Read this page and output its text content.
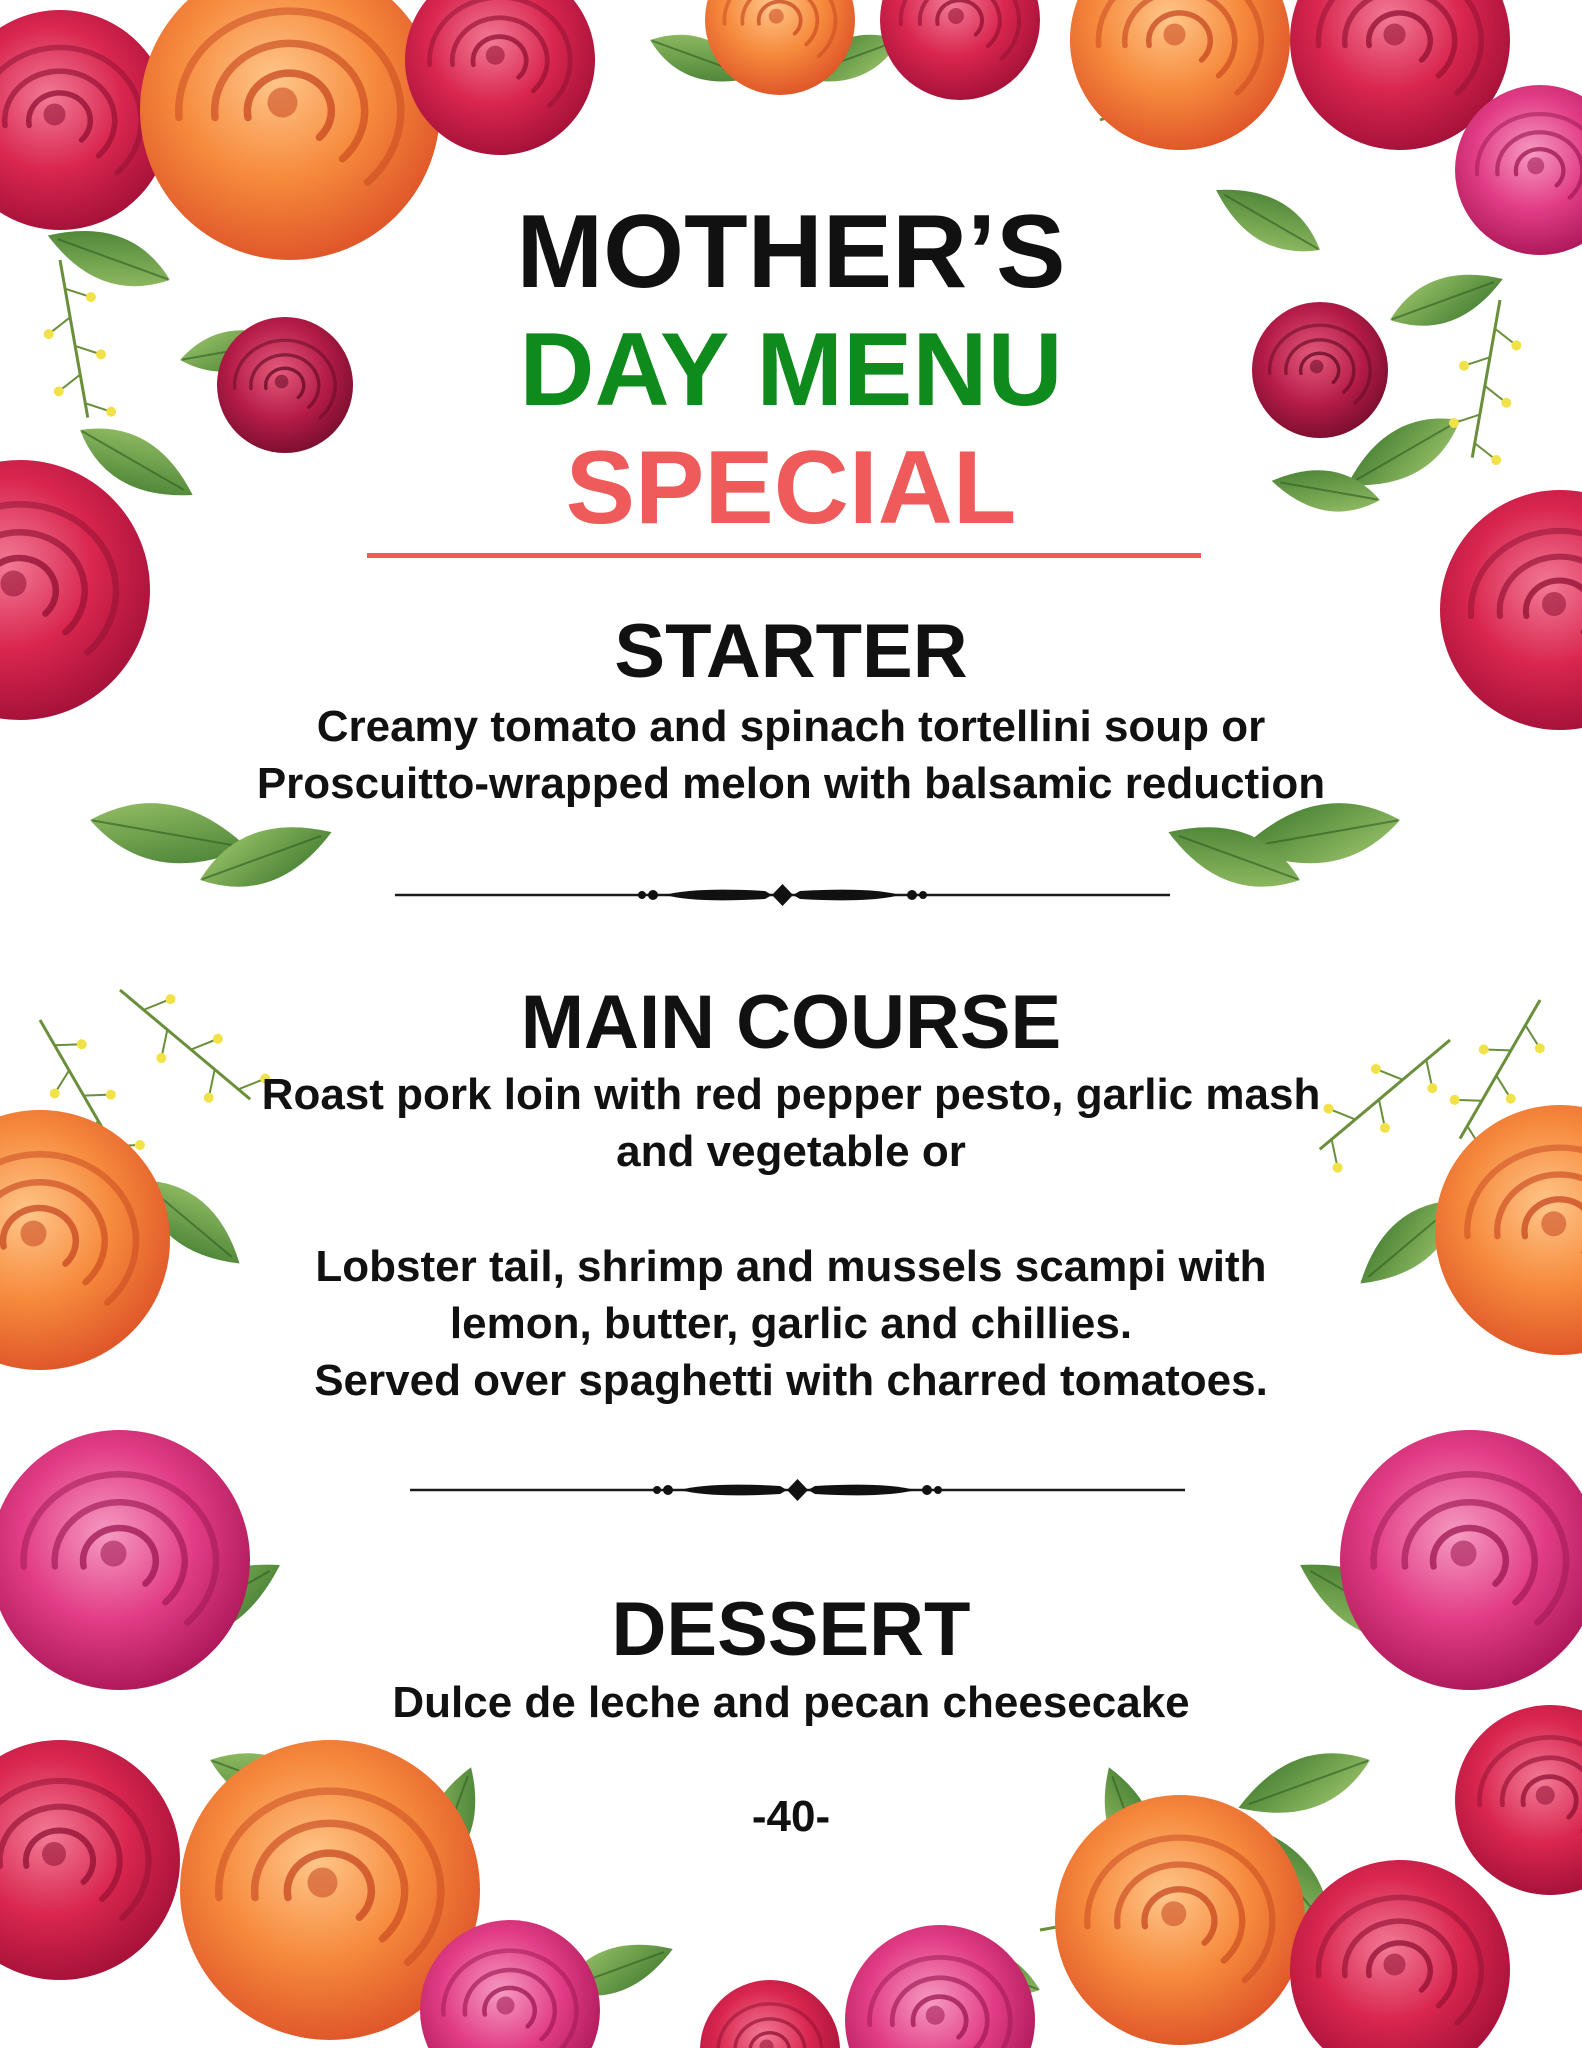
MOTHER’S
DAY MENU
SPECIAL
STARTER
Creamy tomato and spinach tortellini soup or
Proscuitto-wrapped melon with balsamic reduction
MAIN COURSE
Roast pork loin with red pepper pesto, garlic mash
and vegetable or
Lobster tail, shrimp and mussels scampi with
lemon, butter, garlic and chillies.
Served over spaghetti with charred tomatoes.
DESSERT
Dulce de leche and pecan cheesecake
-40-
